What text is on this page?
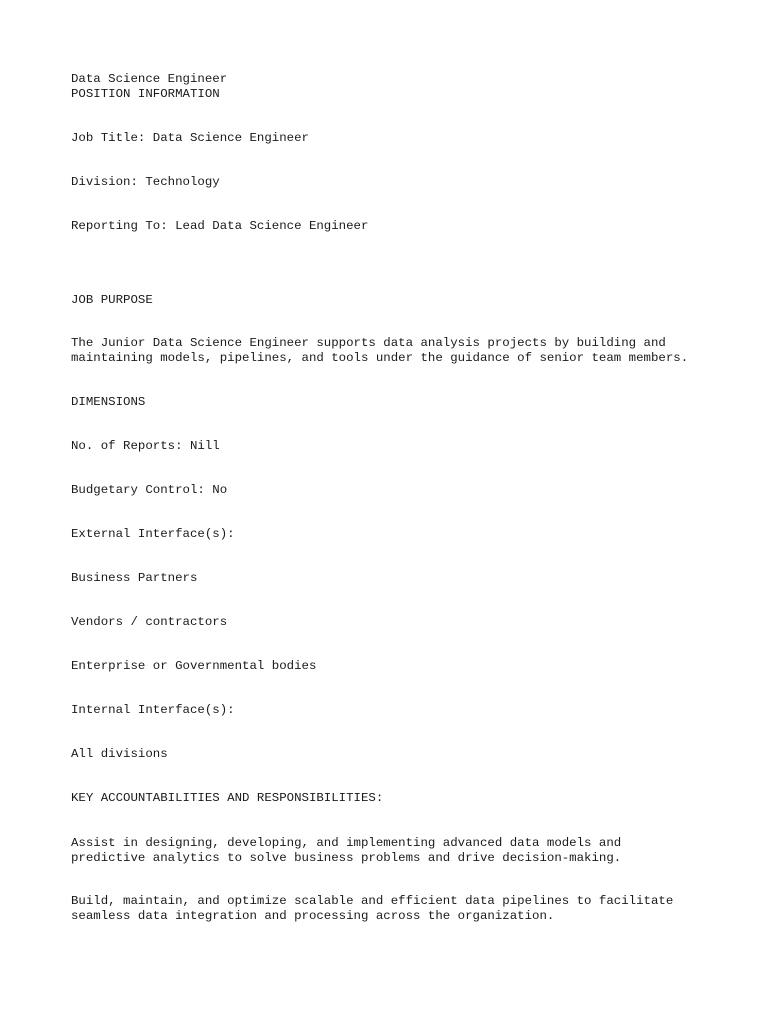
Data Science Engineer
POSITION INFORMATION
Job Title: Data Science Engineer
Division: Technology
Reporting To: Lead Data Science Engineer
JOB PURPOSE
The Junior Data Science Engineer supports data analysis projects by building and
maintaining models, pipelines, and tools under the guidance of senior team members.
DIMENSIONS
No. of Reports: Nill
Budgetary Control: No
External Interface(s):
Business Partners
Vendors / contractors
Enterprise or Governmental bodies
Internal Interface(s):
All divisions
KEY ACCOUNTABILITIES AND RESPONSIBILITIES:
Assist in designing, developing, and implementing advanced data models and
predictive analytics to solve business problems and drive decision-making.
Build, maintain, and optimize scalable and efficient data pipelines to facilitate
seamless data integration and processing across the organization.
